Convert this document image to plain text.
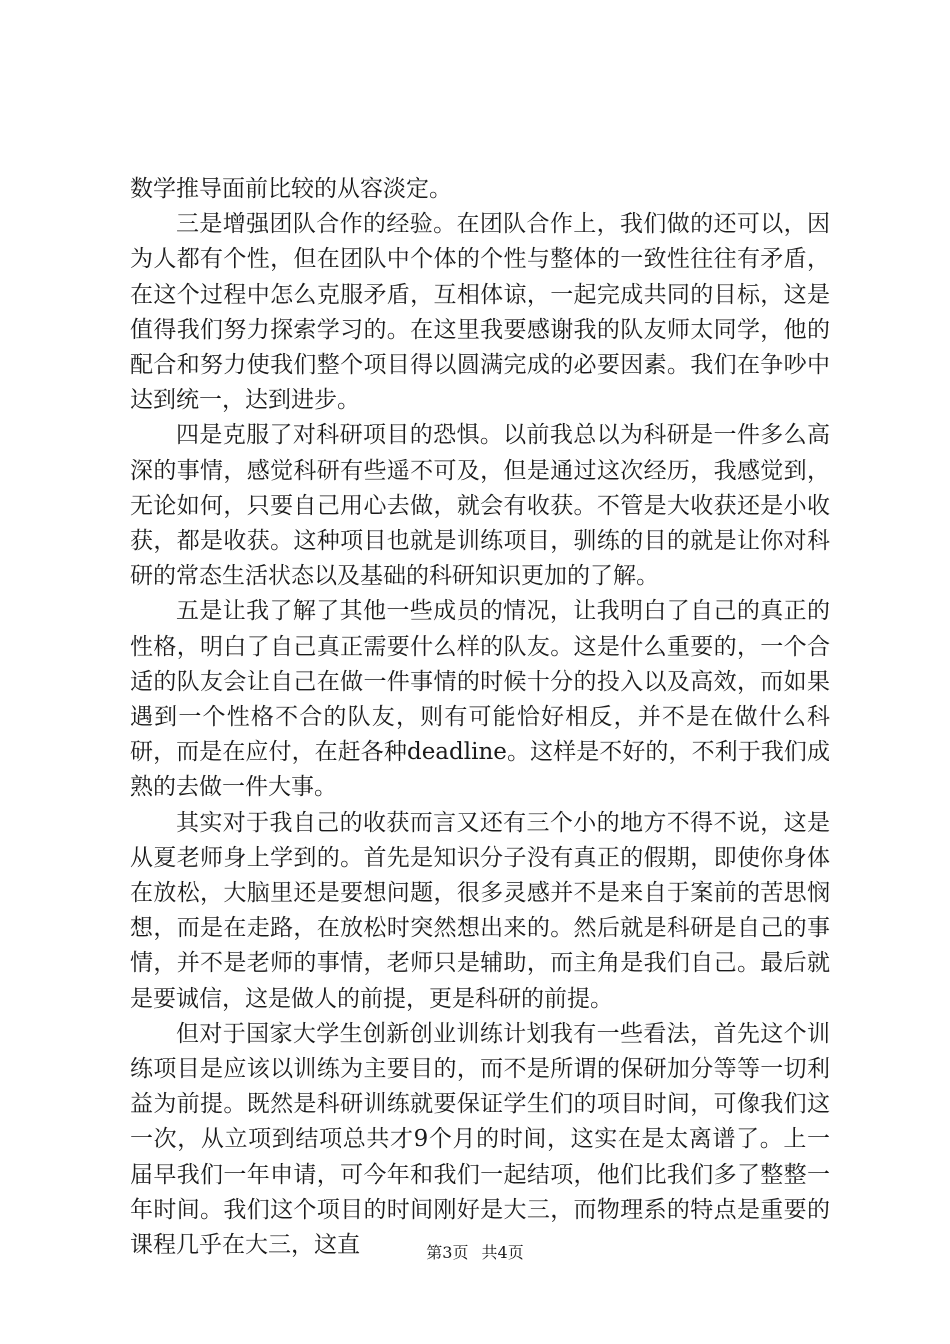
数学推导面前比较的从容淡定。

三是增强团队合作的经验。在团队合作上，我们做的还可以，因为人都有个性，但在团队中个体的个性与整体的一致性往往有矛盾，在这个过程中怎么克服矛盾，互相体谅，一起完成共同的目标，这是值得我们努力探索学习的。在这里我要感谢我的队友师太同学，他的配合和努力使我们整个项目得以圆满完成的必要因素。我们在争吵中达到统一，达到进步。

四是克服了对科研项目的恐惧。以前我总以为科研是一件多么高深的事情，感觉科研有些遥不可及，但是通过这次经历，我感觉到，无论如何，只要自己用心去做，就会有收获。不管是大收获还是小收获，都是收获。这种项目也就是训练项目，驯练的目的就是让你对科研的常态生活状态以及基础的科研知识更加的了解。

五是让我了解了其他一些成员的情况，让我明白了自己的真正的性格，明白了自己真正需要什么样的队友。这是什么重要的，一个合适的队友会让自己在做一件事情的时候十分的投入以及高效，而如果遇到一个性格不合的队友，则有可能恰好相反，并不是在做什么科研，而是在应付，在赶各种deadline。这样是不好的，不利于我们成熟的去做一件大事。

其实对于我自己的收获而言又还有三个小的地方不得不说，这是从夏老师身上学到的。首先是知识分子没有真正的假期，即使你身体在放松，大脑里还是要想问题，很多灵感并不是来自于案前的苦思悯想，而是在走路，在放松时突然想出来的。然后就是科研是自己的事情，并不是老师的事情，老师只是辅助，而主角是我们自己。最后就是要诚信，这是做人的前提，更是科研的前提。

但对于国家大学生创新创业训练计划我有一些看法，首先这个训练项目是应该以训练为主要目的，而不是所谓的保研加分等等一切利益为前提。既然是科研训练就要保证学生们的项目时间，可像我们这一次，从立项到结项总共才9个月的时间，这实在是太离谱了。上一届早我们一年申请，可今年和我们一起结项，他们比我们多了整整一年时间。我们这个项目的时间刚好是大三，而物理系的特点是重要的课程几乎在大三，这直	第3页 共4页
